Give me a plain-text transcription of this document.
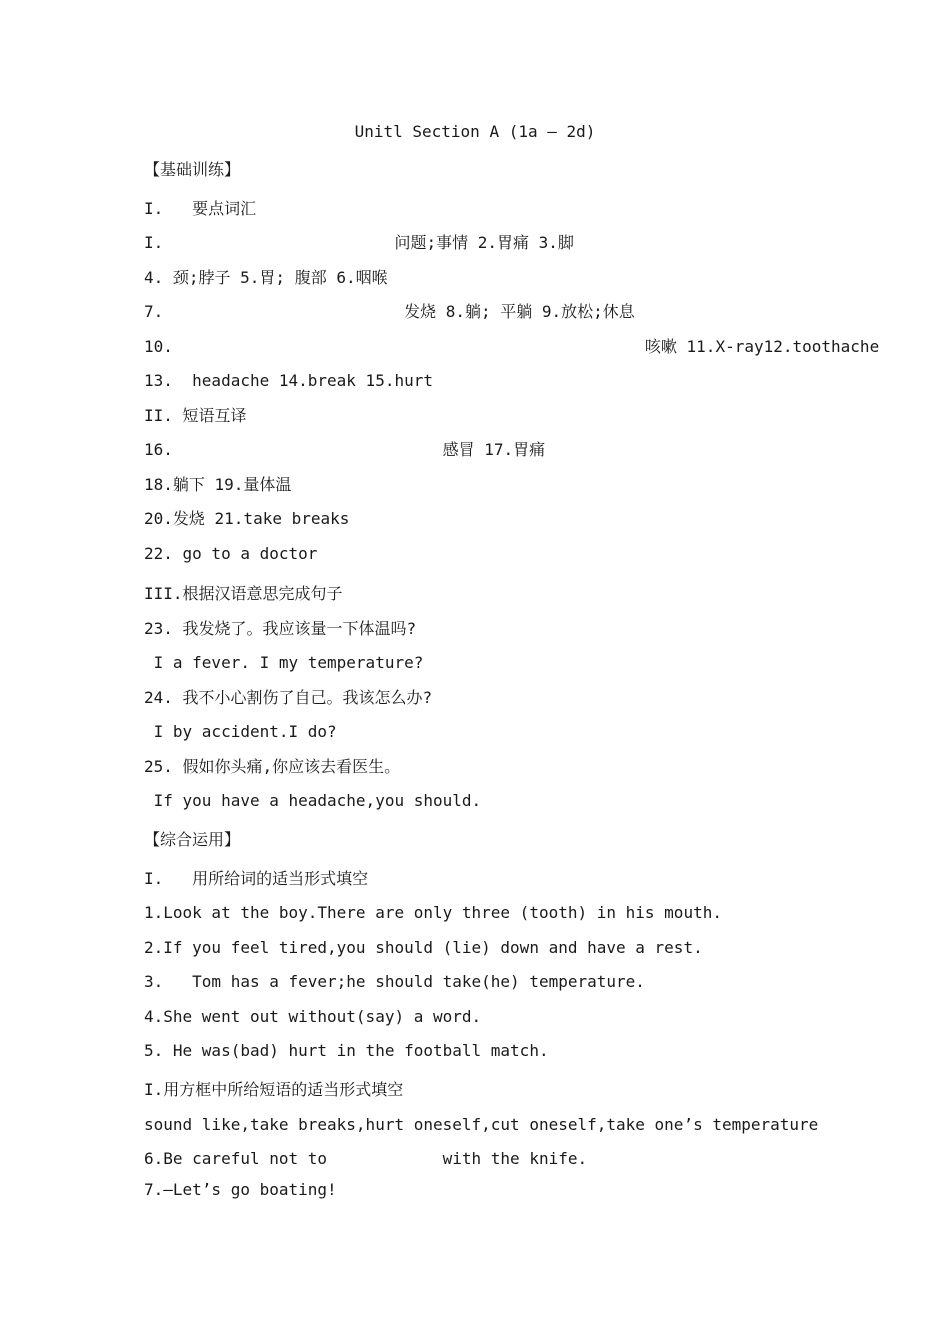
Unitl Section A (1a — 2d)
【基础训练】
I.   要点词汇
I.                        问题;事情 2.胃痛 3.脚
4. 颈;脖子 5.胃; 腹部 6.咽喉
7.                         发烧 8.躺; 平躺 9.放松;休息
10.                                                 咳嗽 11.X-ray12.toothache
13.  headache 14.break 15.hurt
II. 短语互译
16.                            感冒 17.胃痛
18.躺下 19.量体温
20.发烧 21.take breaks
22. go to a doctor
III.根据汉语意思完成句子
23. 我发烧了。我应该量一下体温吗?
I a fever. I my temperature?
24. 我不小心割伤了自己。我该怎么办?
I by accident.I do?
25. 假如你头痛,你应该去看医生。
If you have a headache,you should.
【综合运用】
I.   用所给词的适当形式填空
1.Look at the boy.There are only three (tooth) in his mouth.
2.If you feel tired,you should (lie) down and have a rest.
3.   Tom has a fever;he should take(he) temperature.
4.She went out without(say) a word.
5. He was(bad) hurt in the football match.
I.用方框中所给短语的适当形式填空
sound like,take breaks,hurt oneself,cut oneself,take one’s temperature
6.Be careful not to            with the knife.
7.—Let’s go boating!
